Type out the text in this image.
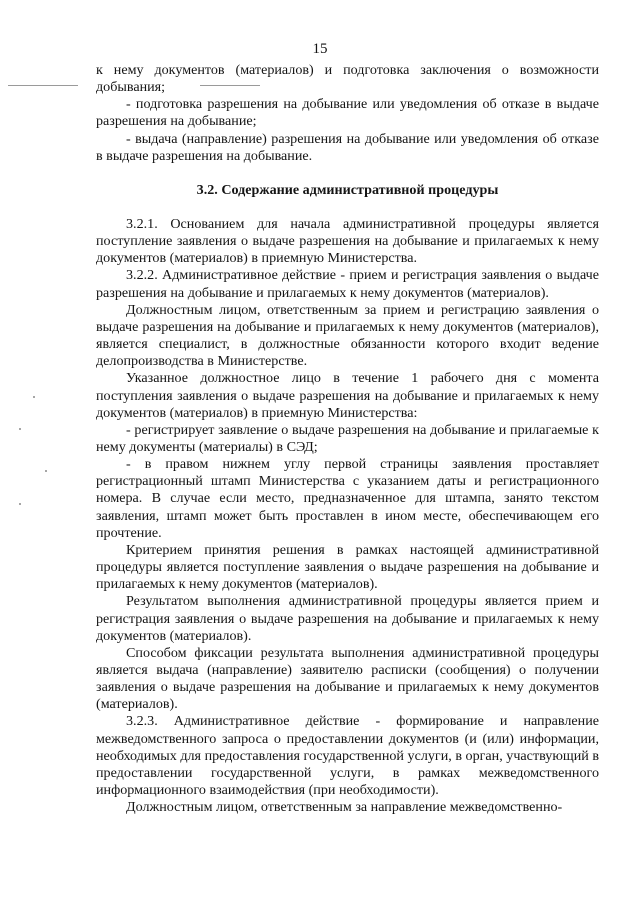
15

к нему документов (материалов) и подготовка заключения о возможности добывания;

- подготовка разрешения на добывание или уведомления об отказе в выдаче разрешения на добывание;

- выдача (направление) разрешения на добывание или уведомления об отказе в выдаче разрешения на добывание.

3.2. Содержание административной процедуры

3.2.1. Основанием для начала административной процедуры является поступление заявления о выдаче разрешения на добывание и прилагаемых к нему документов (материалов) в приемную Министерства.

3.2.2. Административное действие - прием и регистрация заявления о выдаче разрешения на добывание и прилагаемых к нему документов (материалов).

Должностным лицом, ответственным за прием и регистрацию заявления о выдаче разрешения на добывание и прилагаемых к нему документов (материалов), является специалист, в должностные обязанности которого входит ведение делопроизводства в Министерстве.

Указанное должностное лицо в течение 1 рабочего дня с момента поступления заявления о выдаче разрешения на добывание и прилагаемых к нему документов (материалов) в приемную Министерства:

- регистрирует заявление о выдаче разрешения на добывание и прилагаемые к нему документы (материалы) в СЭД;

- в правом нижнем углу первой страницы заявления проставляет регистрационный штамп Министерства с указанием даты и регистрационного номера. В случае если место, предназначенное для штампа, занято текстом заявления, штамп может быть проставлен в ином месте, обеспечивающем его прочтение.

Критерием принятия решения в рамках настоящей административной процедуры является поступление заявления о выдаче разрешения на добывание и прилагаемых к нему документов (материалов).

Результатом выполнения административной процедуры является прием и регистрация заявления о выдаче разрешения на добывание и прилагаемых к нему документов (материалов).

Способом фиксации результата выполнения административной процедуры является выдача (направление) заявителю расписки (сообщения) о получении заявления о выдаче разрешения на добывание и прилагаемых к нему документов (материалов).

3.2.3. Административное действие - формирование и направление межведомственного запроса о предоставлении документов (и (или) информации, необходимых для предоставления государственной услуги, в орган, участвующий в предоставлении государственной услуги, в рамках межведомственного информационного взаимодействия (при необходимости).

Должностным лицом, ответственным за направление межведомственно-
